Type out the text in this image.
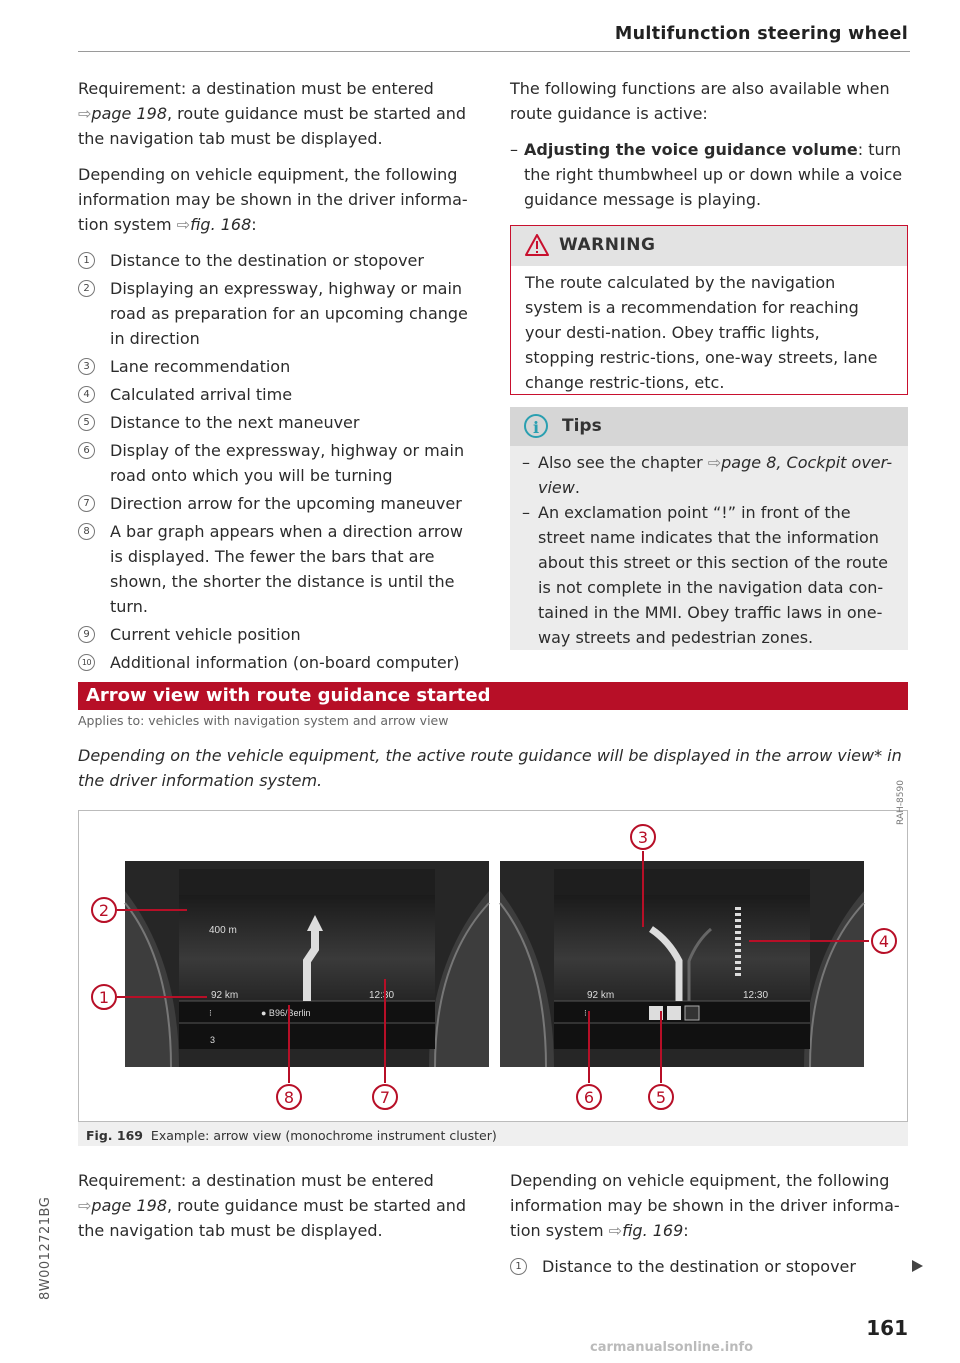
Multifunction steering wheel

Requirement: a destination must be entered ⇨page 198, route guidance must be started and the navigation tab must be displayed.

Depending on vehicle equipment, the following information may be shown in the driver informa-tion system ⇨fig. 168:

1	Distance to the destination or stopover
2	Displaying an expressway, highway or main road as preparation for an upcoming change in direction
3	Lane recommendation
4	Calculated arrival time
5	Distance to the next maneuver
6	Display of the expressway, highway or main road onto which you will be turning
7	Direction arrow for the upcoming maneuver
8	A bar graph appears when a direction arrow is displayed. The fewer the bars that are shown, the shorter the distance is until the turn.
9	Current vehicle position
10 Additional information (on-board computer)

The following functions are also available when route guidance is active:

– Adjusting the voice guidance volume: turn the right thumbwheel up or down while a voice guidance message is playing.
WARNING
The route calculated by the navigation system is a recommendation for reaching your desti-nation. Obey traffic lights, stopping restric-tions, one-way streets, lane change restric-tions, etc.
i	Tips
– Also see the chapter ⇨page 8, Cockpit over-view.
– An exclamation point “!” in front of the street name indicates that the information about this street or this section of the route is not complete in the navigation data con-tained in the MMI. Obey traffic laws in one-way streets and pedestrian zones.
Arrow view with route guidance started
Applies to: vehicles with navigation system and arrow view
Depending on the vehicle equipment, the active route guidance will be displayed in the arrow view* in the driver information system.
400 m
92 km	12:30
● B96/Berlin
3
⁝
92 km	12:30
⁝
2
1
3
4
8	7	6	5
RAH-8590
Fig. 169 Example: arrow view (monochrome instrument cluster)

Requirement: a destination must be entered ⇨page 198, route guidance must be started and the navigation tab must be displayed.

Depending on vehicle equipment, the following information may be shown in the driver informa-tion system ⇨fig. 169:

1	Distance to the destination or stopover
8W0012721BG
161
carmanualsonline.info
